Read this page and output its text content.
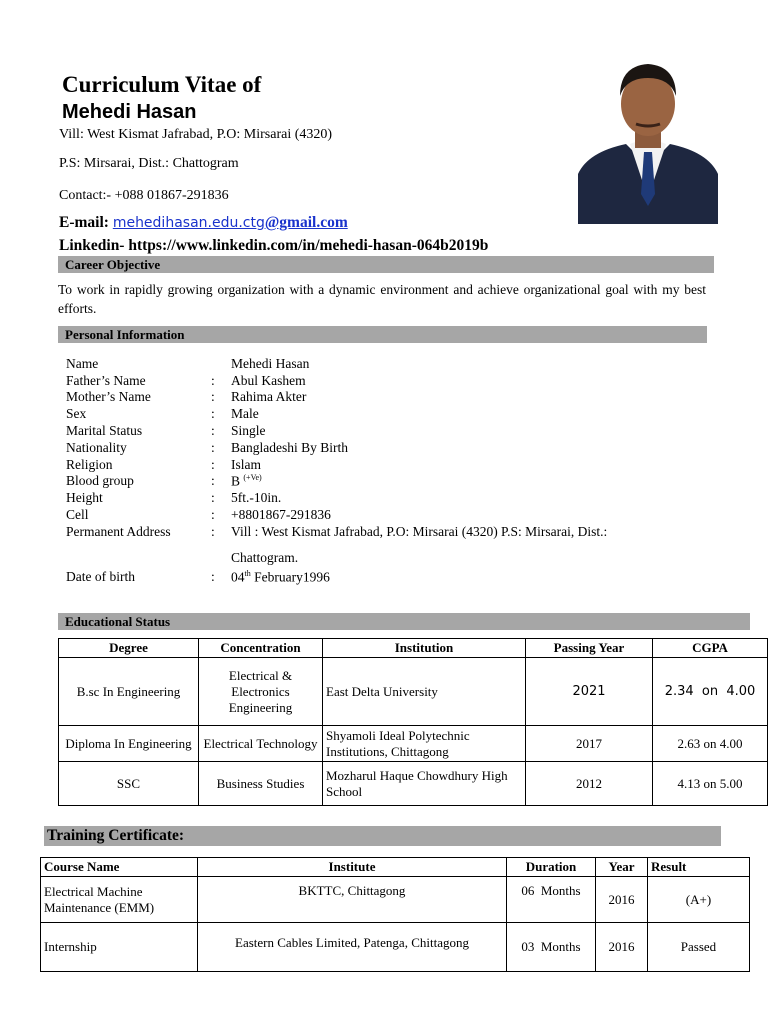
Curriculum Vitae of
Mehedi Hasan
Vill: West Kismat Jafrabad, P.O: Mirsarai (4320)
P.S: Mirsarai, Dist.: Chattogram
Contact:- +088 01867-291836
E-mail: mehedihasan.edu.ctg@gmail.com
Linkedin- https://www.linkedin.com/in/mehedi-hasan-064b2019b
Career Objective
To work in rapidly growing organization with a dynamic environment and achieve organizational goal with my best efforts.
Personal Information
Name	Mehedi Hasan
Father’s Name	: Abul Kashem
Mother’s Name	: Rahima Akter
Sex	: Male
Marital Status	: Single
Nationality	: Bangladeshi By Birth
Religion	: Islam
Blood group	: B $^{(+Ve)}$
Height	: 5ft.-10in.
Cell	: +8801867-291836
Permanent Address	: Vill : West Kismat Jafrabad, P.O: Mirsarai (4320) P.S: Mirsarai, Dist.:
Chattogram.
Date of birth	: 04th February1996
Educational Status
Degree	Concentration	Institution	Passing Year	CGPA
B.sc In Engineering	Electrical & Electronics Engineering	East Delta University	2021	2.34  on  4.00
Diploma In Engineering	Electrical Technology	Shyamoli Ideal Polytechnic Institutions, Chittagong	2017	2.63 on 4.00
SSC	Business Studies	Mozharul Haque Chowdhury High School	2012	4.13 on 5.00
Training Certificate:
Course Name	Institute	Duration	Year	Result
Electrical Machine Maintenance (EMM)	BKTTC, Chittagong	06  Months	2016	(A+)
Internship	Eastern Cables Limited, Patenga, Chittagong	03  Months	2016	Passed
